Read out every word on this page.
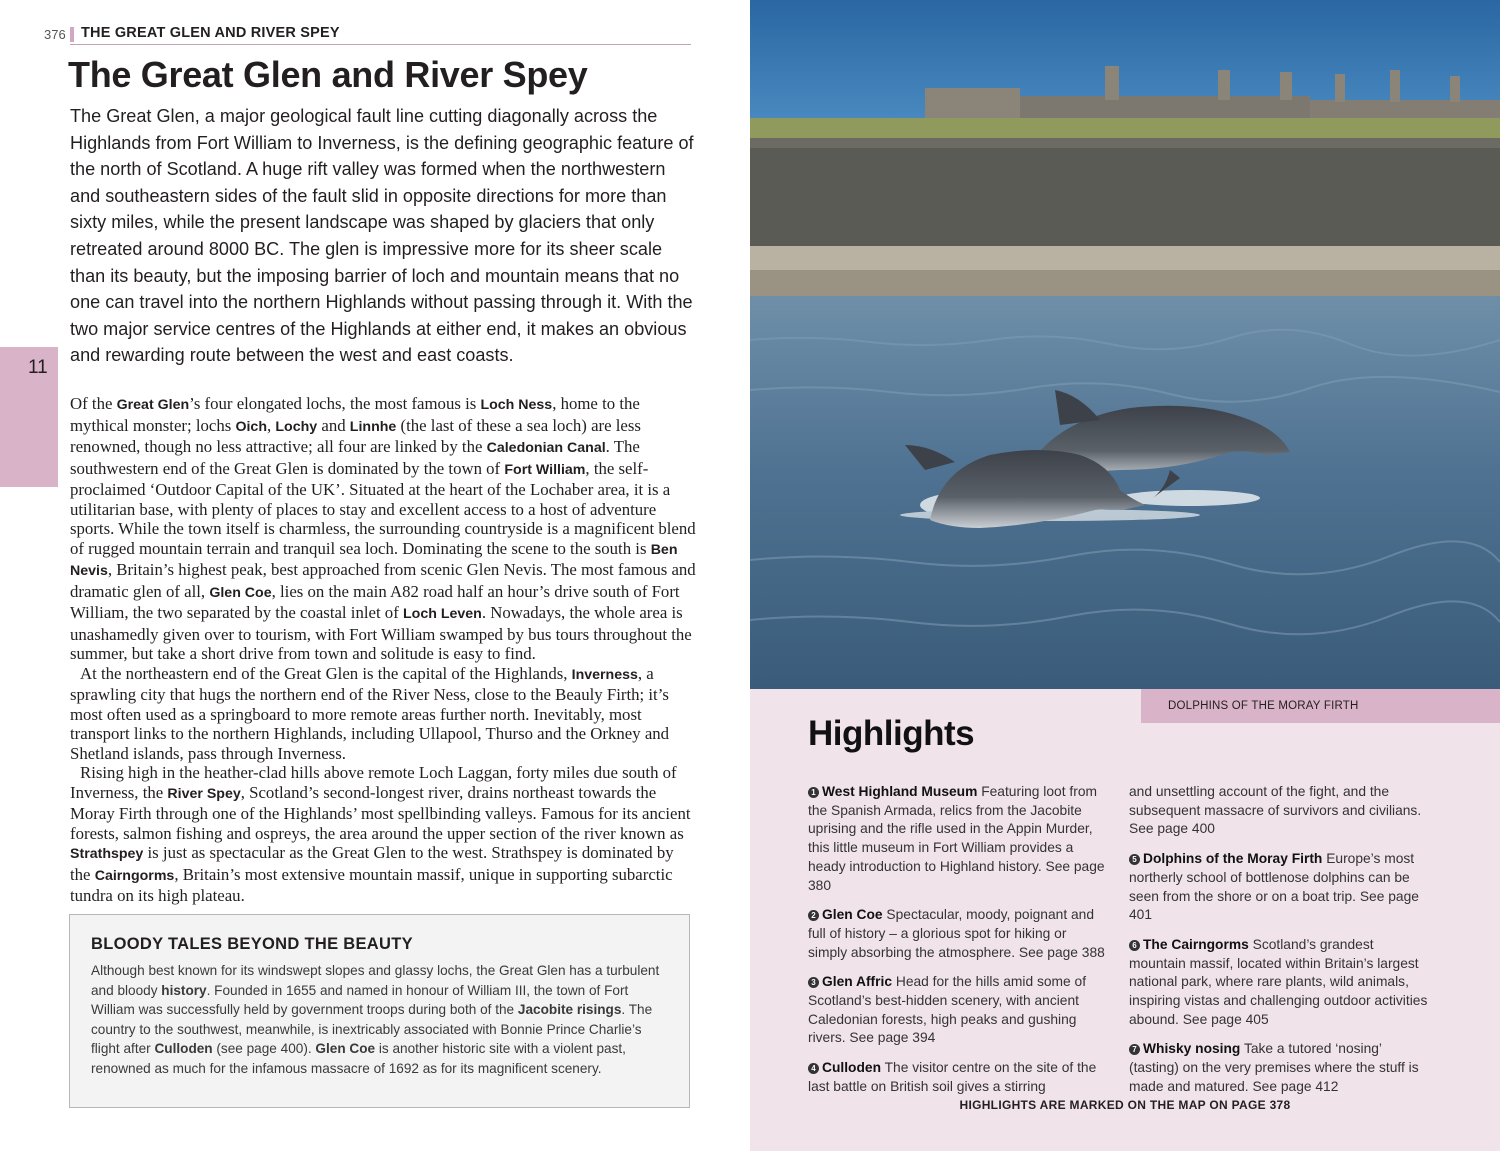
376 THE GREAT GLEN AND RIVER SPEY
11
The Great Glen and River Spey

The Great Glen, a major geological fault line cutting diagonally across the Highlands from Fort William to Inverness, is the defining geographic feature of the north of Scotland. A huge rift valley was formed when the northwestern and southeastern sides of the fault slid in opposite directions for more than sixty miles, while the present landscape was shaped by glaciers that only retreated around 8000 BC. The glen is impressive more for its sheer scale than its beauty, but the imposing barrier of loch and mountain means that no one can travel into the northern Highlands without passing through it. With the two major service centres of the Highlands at either end, it makes an obvious and rewarding route between the west and east coasts.

Of the Great Glen’s four elongated lochs, the most famous is Loch Ness, home to the mythical monster; lochs Oich, Lochy and Linnhe (the last of these a sea loch) are less renowned, though no less attractive; all four are linked by the Caledonian Canal. The southwestern end of the Great Glen is dominated by the town of Fort William, the self-proclaimed ‘Outdoor Capital of the UK’. Situated at the heart of the Lochaber area, it is a utilitarian base, with plenty of places to stay and excellent access to a host of adventure sports. While the town itself is charmless, the surrounding countryside is a magnificent blend of rugged mountain terrain and tranquil sea loch. Dominating the scene to the south is Ben Nevis, Britain’s highest peak, best approached from scenic Glen Nevis. The most famous and dramatic glen of all, Glen Coe, lies on the main A82 road half an hour’s drive south of Fort William, the two separated by the coastal inlet of Loch Leven. Nowadays, the whole area is unashamedly given over to tourism, with Fort William swamped by bus tours throughout the summer, but take a short drive from town and solitude is easy to find.

At the northeastern end of the Great Glen is the capital of the Highlands, Inverness, a sprawling city that hugs the northern end of the River Ness, close to the Beauly Firth; it’s most often used as a springboard to more remote areas further north. Inevitably, most transport links to the northern Highlands, including Ullapool, Thurso and the Orkney and Shetland islands, pass through Inverness.

Rising high in the heather-clad hills above remote Loch Laggan, forty miles due south of Inverness, the River Spey, Scotland’s second-longest river, drains northeast towards the Moray Firth through one of the Highlands’ most spellbinding valleys. Famous for its ancient forests, salmon fishing and ospreys, the area around the upper section of the river known as Strathspey is just as spectacular as the Great Glen to the west. Strathspey is dominated by the Cairngorms, Britain’s most extensive mountain massif, unique in supporting subarctic tundra on its high plateau.

BLOODY TALES BEYOND THE BEAUTY
Although best known for its windswept slopes and glassy lochs, the Great Glen has a turbulent and bloody history. Founded in 1655 and named in honour of William III, the town of Fort William was successfully held by government troops during both of the Jacobite risings. The country to the southwest, meanwhile, is inextricably associated with Bonnie Prince Charlie’s flight after Culloden (see page 400). Glen Coe is another historic site with a violent past, renowned as much for the infamous massacre of 1692 as for its magnificent scenery.
DOLPHINS OF THE MORAY FIRTH
Highlights

1 West Highland Museum Featuring loot from the Spanish Armada, relics from the Jacobite uprising and the rifle used in the Appin Murder, this little museum in Fort William provides a heady introduction to Highland history. See page 380

2 Glen Coe Spectacular, moody, poignant and full of history – a glorious spot for hiking or simply absorbing the atmosphere. See page 388

3 Glen Affric Head for the hills amid some of Scotland’s best-hidden scenery, with ancient Caledonian forests, high peaks and gushing rivers. See page 394

4 Culloden The visitor centre on the site of the last battle on British soil gives a stirring

and unsettling account of the fight, and the subsequent massacre of survivors and civilians. See page 400

5 Dolphins of the Moray Firth Europe’s most northerly school of bottlenose dolphins can be seen from the shore or on a boat trip. See page 401

6 The Cairngorms Scotland’s grandest mountain massif, located within Britain’s largest national park, where rare plants, wild animals, inspiring vistas and challenging outdoor activities abound. See page 405

7 Whisky nosing Take a tutored ‘nosing’ (tasting) on the very premises where the stuff is made and matured. See page 412

HIGHLIGHTS ARE MARKED ON THE MAP ON PAGE 378
